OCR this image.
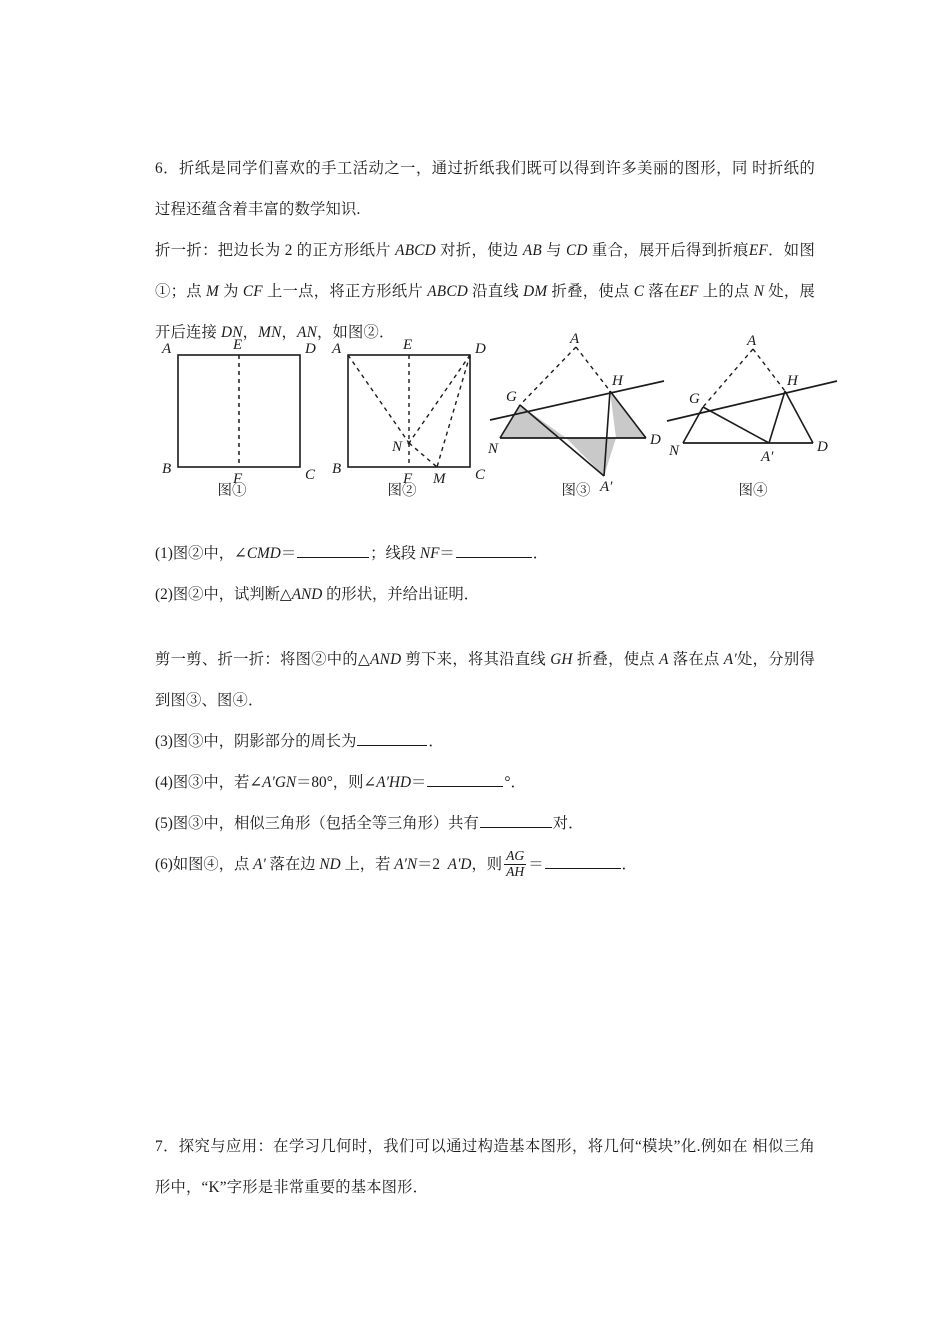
6．折纸是同学们喜欢的手工活动之一，通过折纸我们既可以得到许多美丽的图形，同 时折纸的过程还蕴含着丰富的数学知识.

折一折：把边长为 2 的正方形纸片 ABCD 对折，使边 AB 与 CD 重合，展开后得到折痕EF．如图①；点 M 为 CF 上一点，将正方形纸片 ABCD 沿直线 DM 折叠，使点 C 落在EF 上的点 N 处，展开后连接 DN，MN，AN，如图②．

(1)图②中，∠CMD＝	；线段 NF＝	．

(2)图②中，试判断△AND 的形状，并给出证明．

剪一剪、折一折：将图②中的△AND 剪下来，将其沿直线 GH 折叠，使点 A 落在点 A′处，分别得到图③、图④．

(3)图③中，阴影部分的周长为	．

(4)图③中，若∠A′GN＝80°，则∠A′HD＝	°．

(5)图③中，相似三角形（包括全等三角形）共有	对．

(6)如图④，点 A′ 落在边 ND 上，若 A′N＝2 A′D，则 $\frac{AG}{AH}$ ＝	．

A	E	D
B
F	C
图①
A	E	D
B
N
F M C
图②
A
H
G
N
D
A′
图③
A
H
G
N	A′
D
图④

7．探究与应用：在学习几何时，我们可以通过构造基本图形，将几何“模块”化.例如在 相似三角形中，“K”字形是非常重要的基本图形．
